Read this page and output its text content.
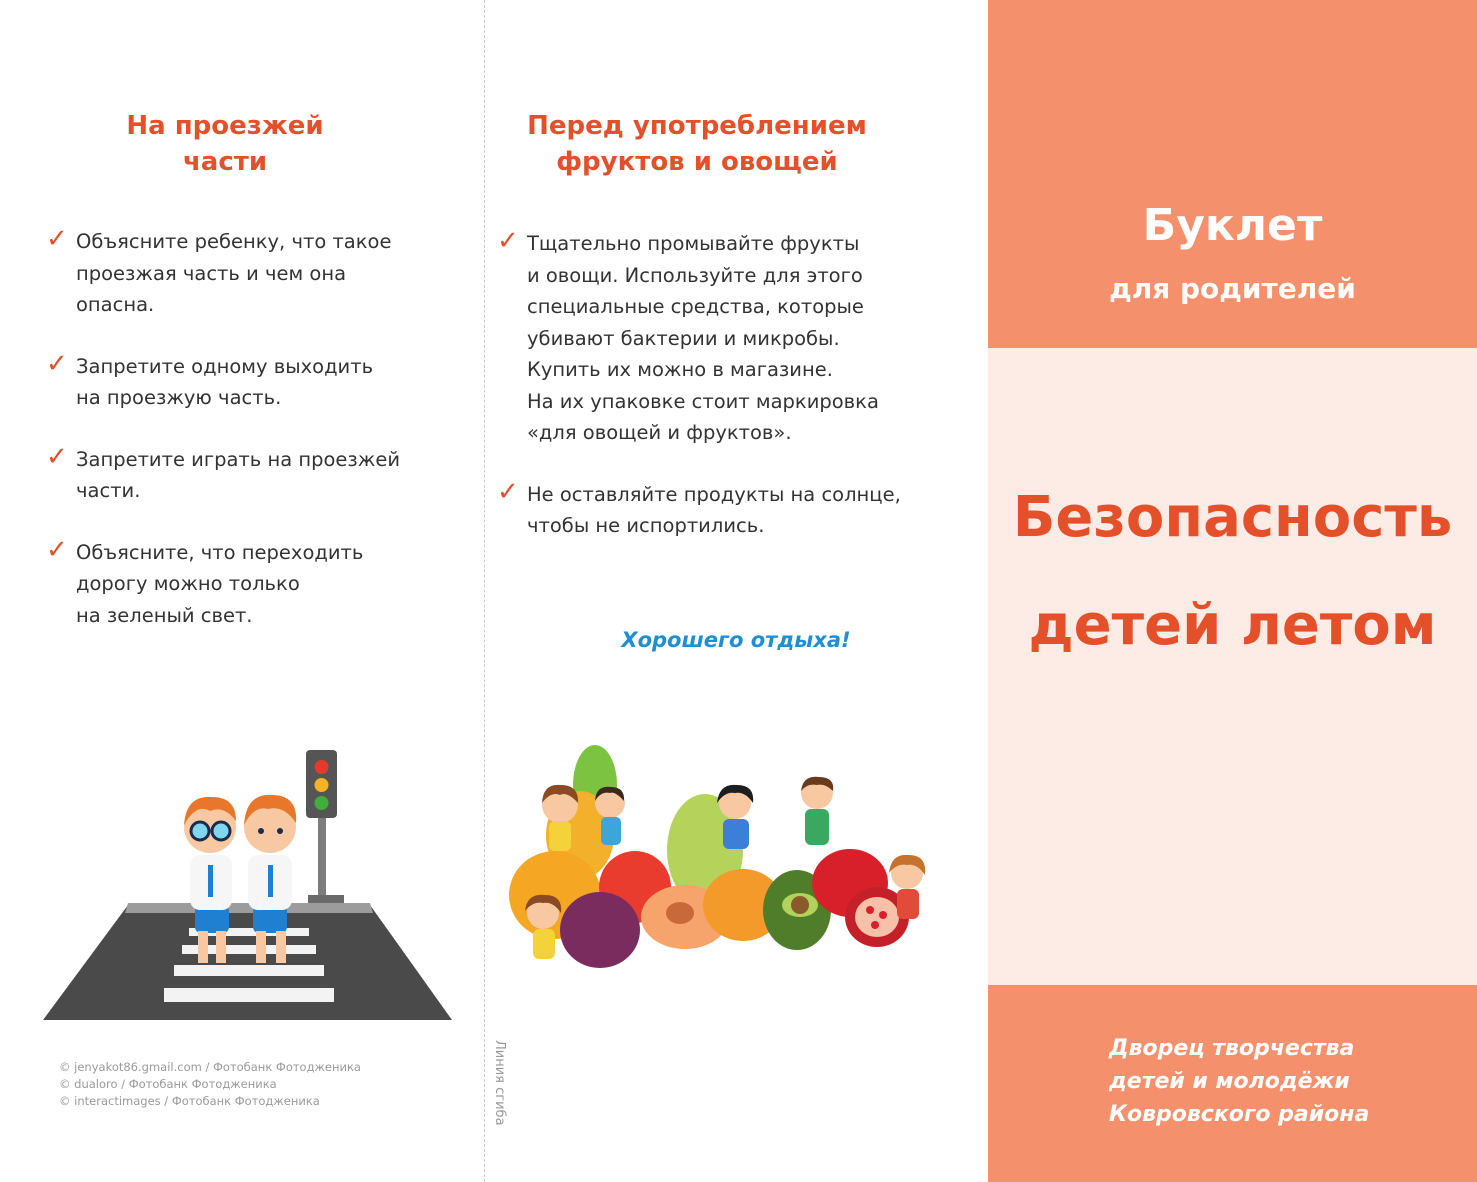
На проезжей
части
✓ Объясните ребенку, что такое
проезжая часть и чем она
опасна.
✓ Запретите одному выходить
на проезжую часть.
✓ Запретите играть на проезжей
части.
✓ Объясните, что переходить
дорогу можно только
на зеленый свет.
© jenyakot86.gmail.com / Фотобанк Фотодженика
© dualoro / Фотобанк Фотодженика
© interactimages / Фотобанк Фотодженика	Линия сгиба
Перед употреблением
фруктов и овощей
✓ Тщательно промывайте фрукты
и овощи. Используйте для этого
специальные средства, которые
убивают бактерии и микробы.
Купить их можно в магазине.
На их упаковке стоит маркировка
«для овощей и фруктов».
✓ Не оставляйте продукты на солнце,
чтобы не испортились.
Хорошего отдыха!
Буклет
для родителей
Безопасность
детей летом
Дворец творчества
детей и молодёжи
Ковровского района
